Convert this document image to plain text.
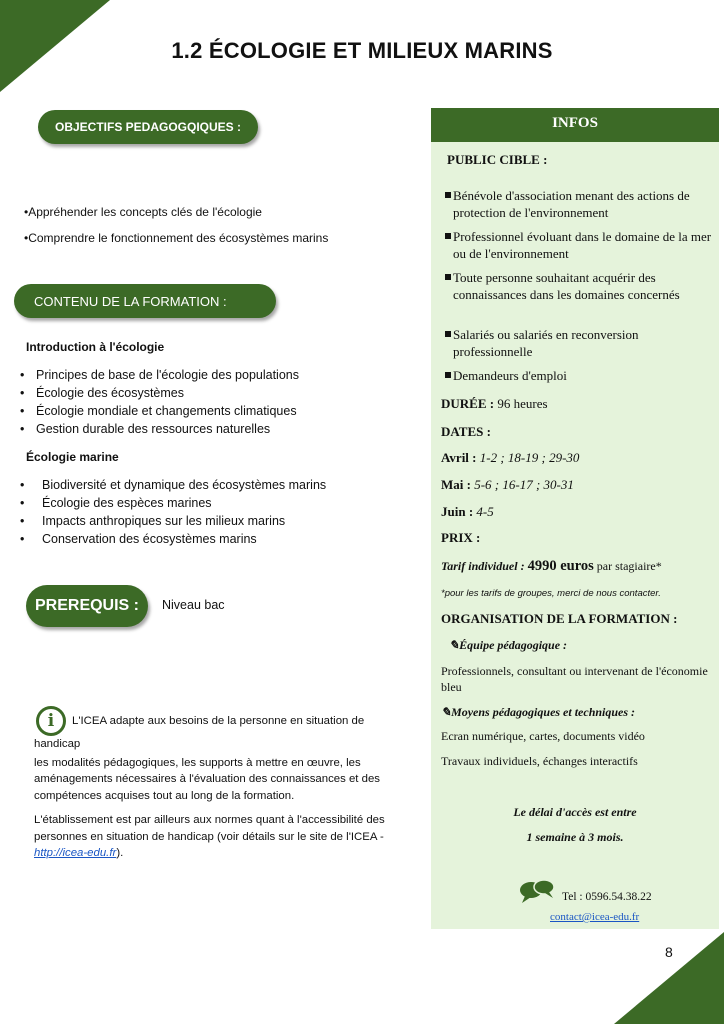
1.2 ÉCOLOGIE ET MILIEUX MARINS
OBJECTIFS PEDAGOGQIQUES :
•Appréhender les concepts clés de l'écologie
•Comprendre le fonctionnement des écosystèmes marins
CONTENU DE LA FORMATION :
Introduction à l'écologie
• Principes de base de l'écologie des populations
• Écologie des écosystèmes
• Écologie mondiale et changements climatiques
• Gestion durable des ressources naturelles
Écologie marine
• Biodiversité et dynamique des écosystèmes marins
• Écologie des espèces marines
• Impacts anthropiques sur les milieux marins
• Conservation des écosystèmes marins
PREREQUIS :	Niveau bac

i L'ICEA adapte aux besoins de la personne en situation de handicap

les modalités pédagogiques, les supports à mettre en œuvre, les aménagements nécessaires à l'évaluation des connaissances et des compétences acquises tout au long de la formation.

L'établissement est par ailleurs aux normes quant à l'accessibilité des personnes en situation de handicap (voir détails sur le site de l'ICEA - http://icea-edu.fr).

INFOS
PUBLIC CIBLE :
Bénévole d'association menant des actions de protection de l'environnement
Professionnel évoluant dans le domaine de la mer ou de l'environnement
Toute personne souhaitant acquérir des connaissances dans les domaines concernés
Salariés ou salariés en reconversion professionnelle
Demandeurs d'emploi
DURÉE : 96 heures
DATES :
Avril : 1-2 ; 18-19 ; 29-30
Mai : 5-6 ; 16-17 ; 30-31
Juin : 4-5
PRIX :
Tarif individuel : 4990 euros par stagiaire*
*pour les tarifs de groupes, merci de nous contacter.
ORGANISATION DE LA FORMATION :
✎Équipe pédagogique :
Professionnels, consultant ou intervenant de l'économie bleu
✎Moyens pédagogiques et techniques :
Ecran numérique, cartes, documents vidéo
Travaux individuels, échanges interactifs
Le délai d'accès est entre
1 semaine à 3 mois.
Tel : 0596.54.38.22
contact@icea-edu.fr
8
